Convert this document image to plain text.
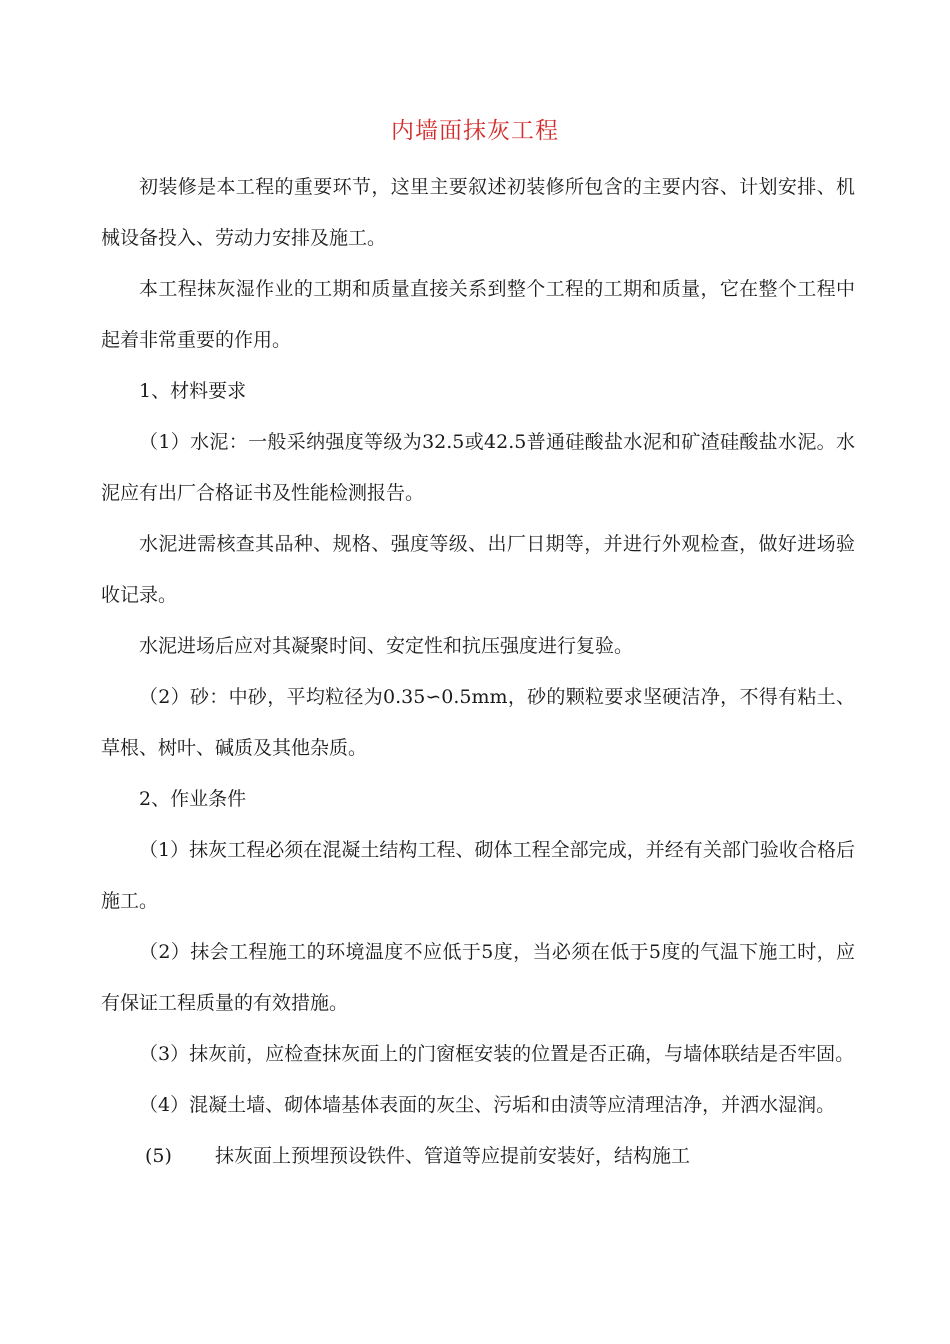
内墙面抹灰工程

初装修是本工程的重要环节，这里主要叙述初装修所包含的主要内容、计划安排、机械设备投入、劳动力安排及施工。

本工程抹灰湿作业的工期和质量直接关系到整个工程的工期和质量，它在整个工程中起着非常重要的作用。

1、材料要求

（1）水泥：一般采纳强度等级为32.5或42.5普通硅酸盐水泥和矿渣硅酸盐水泥。水泥应有出厂合格证书及性能检测报告。

水泥进需核查其品种、规格、强度等级、出厂日期等，并进行外观检查，做好进场验收记录。

水泥进场后应对其凝聚时间、安定性和抗压强度进行复验。

（2）砂：中砂，平均粒径为0.35∽0.5mm，砂的颗粒要求坚硬洁净，不得有粘土、草根、树叶、碱质及其他杂质。

2、作业条件

（1）抹灰工程必须在混凝土结构工程、砌体工程全部完成，并经有关部门验收合格后施工。

（2）抹会工程施工的环境温度不应低于5度，当必须在低于5度的气温下施工时，应有保证工程质量的有效措施。

（3）抹灰前，应检查抹灰面上的门窗框安装的位置是否正确，与墙体联结是否牢固。

（4）混凝土墙、砌体墙基体表面的灰尘、污垢和由渍等应清理洁净，并洒水湿润。

(5) 抹灰面上预埋预设铁件、管道等应提前安装好，结构施工
